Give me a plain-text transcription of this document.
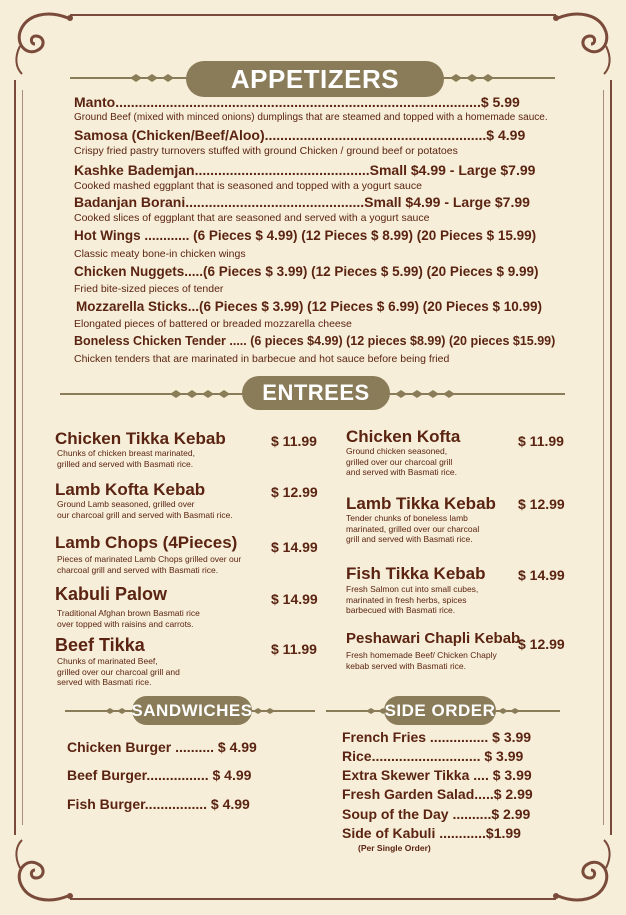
APPETIZERS
Manto..............................................................................................$ 5.99
Ground Beef (mixed with minced onions) dumplings that are steamed and topped with a homemade sauce.
Samosa (Chicken/Beef/Aloo).........................................................$ 4.99
Crispy fried pastry turnovers stuffed with ground Chicken / ground beef or potatoes
Kashke Bademjan.............................................Small $4.99 - Large $7.99
Cooked mashed eggplant that is seasoned and topped with a yogurt sauce
Badanjan Borani..............................................Small $4.99 - Large $7.99
Cooked slices of eggplant that are seasoned and served with a yogurt sauce
Hot Wings ............ (6 Pieces $ 4.99) (12 Pieces $ 8.99) (20 Pieces $ 15.99)
Classic meaty bone-in chicken wings
Chicken Nuggets.....(6 Pieces $ 3.99) (12 Pieces $ 5.99) (20 Pieces $ 9.99)
Fried bite-sized pieces of tender
Mozzarella Sticks...(6 Pieces $ 3.99) (12 Pieces $ 6.99) (20 Pieces $ 10.99)
Elongated pieces of battered or breaded mozzarella cheese
Boneless Chicken Tender ..... (6 pieces $4.99) (12 pieces $8.99) (20 pieces $15.99)
Chicken tenders that are marinated in barbecue and hot sauce before being fried
ENTREES
Chicken Tikka Kebab	$ 11.99
Chunks of chicken breast marinated,
grilled and served with Basmati rice.
Lamb Kofta Kebab	$ 12.99
Ground Lamb seasoned, grilled over
our charcoal grill and served with Basmati rice.
Lamb Chops (4Pieces) $ 14.99
Pieces of marinated Lamb Chops grilled over our
charcoal grill and served with Basmati rice.
Kabuli Palow	$ 14.99
Traditional Afghan brown Basmati rice
over topped with raisins and carrots.
Beef Tikka	$ 11.99
Chunks of marinated Beef,
grilled over our charcoal grill and
served with Basmati rice.
Chicken Kofta	$ 11.99
Ground chicken seasoned,
grilled over our charcoal grill
and served with Basmati rice.
Lamb Tikka Kebab $ 12.99
Tender chunks of boneless lamb
marinated, grilled over our charcoal
grill and served with Basmati rice.
Fish Tikka Kebab $ 14.99
Fresh Salmon cut into small cubes,
marinated in fresh herbs, spices
barbecued with Basmati rice.
Peshawari Chapli Kebab
$ 12.99
Fresh homemade Beef/ Chicken Chaply
kebab served with Basmati rice.
SANDWICHES
Chicken Burger .......... $ 4.99
Beef Burger................ $ 4.99
Fish Burger................ $ 4.99
SIDE ORDER
French Fries ............... $ 3.99
Rice............................ $ 3.99
Extra Skewer Tikka .... $ 3.99
Fresh Garden Salad.....$ 2.99
Soup of the Day ..........$ 2.99
Side of Kabuli ............$1.99
(Per Single Order)
